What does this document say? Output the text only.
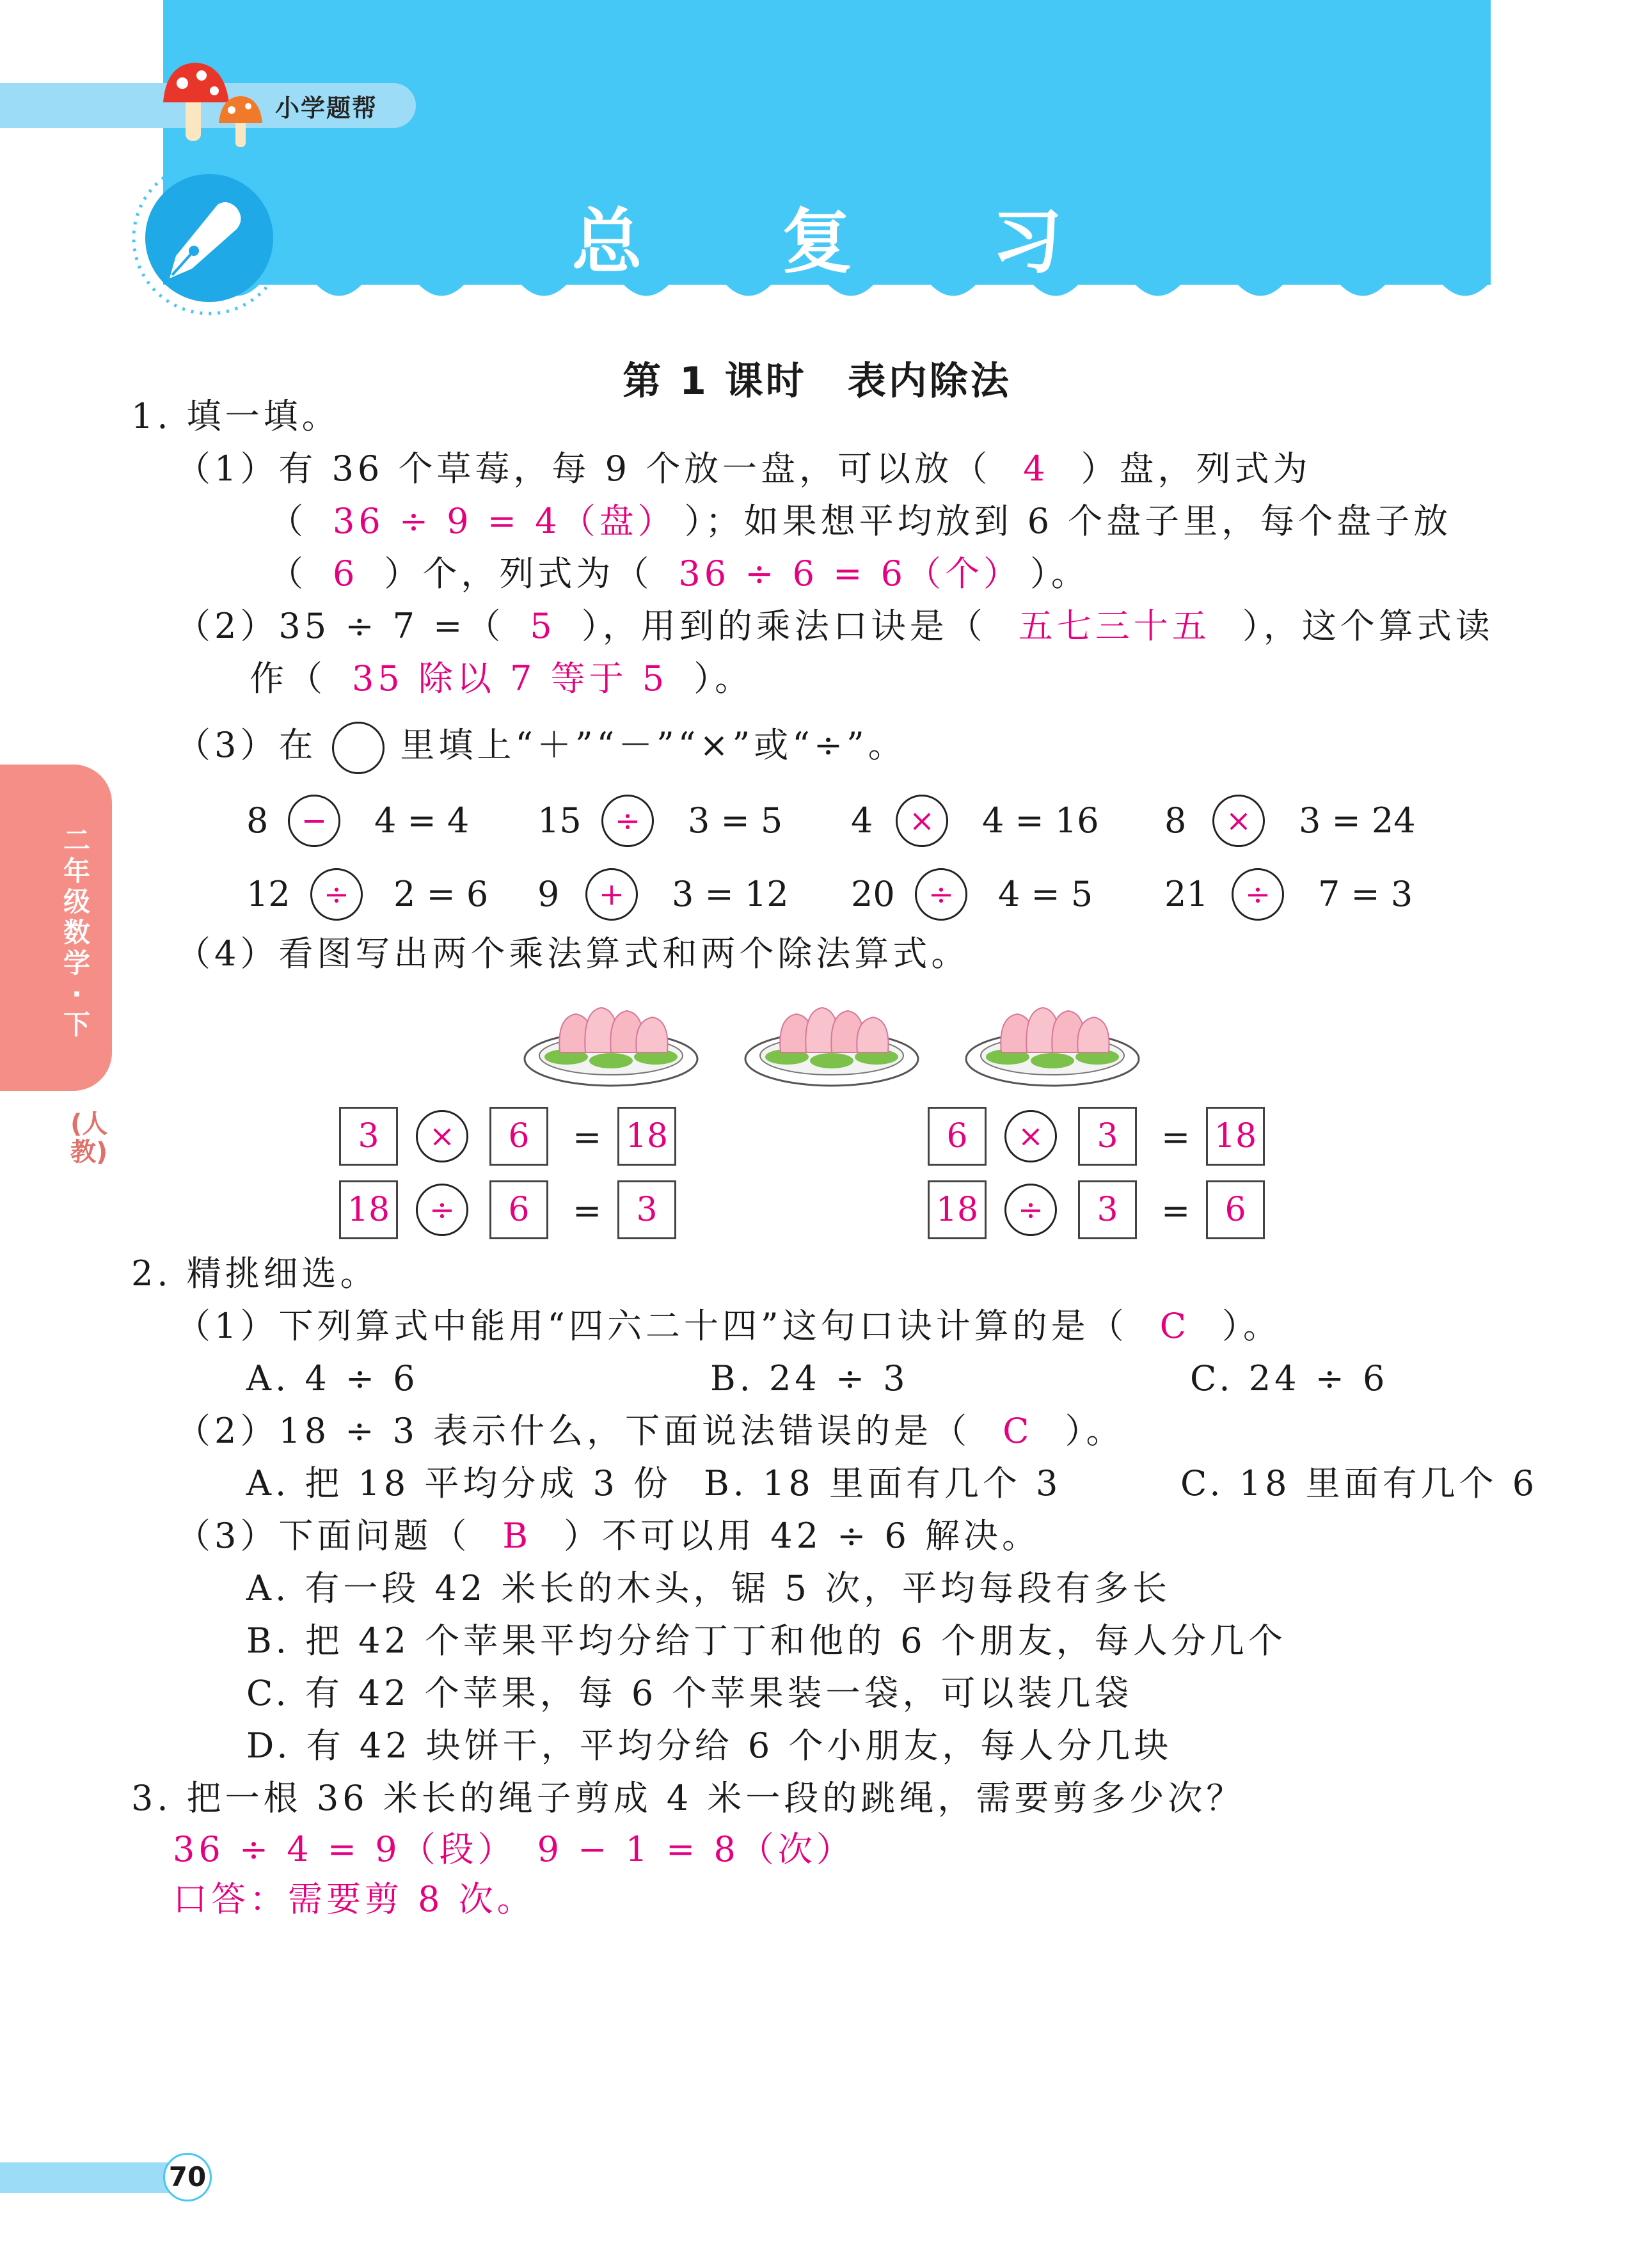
小学题帮
总 复 习
第 1 课时　表内除法
二年级数学·下
(人教)
1. 填一填。
（1）有 36 个草莓，每 9 个放一盘，可以放（ 4 ）盘，列式为
（ 36 ÷ 9 = 4（盘） ）；如果想平均放到 6 个盘子里，每个盘子放
（ 6 ）个，列式为（ 36 ÷ 6 = 6（个） ）。
（2）35 ÷ 7 =（ 5 ），用到的乘法口诀是（ 五七三十五 ），这个算式读
作（ 35 除以 7 等于 5 ）。
（3）在 里填上“＋”“－”“×”或“÷”。
8	−	4 = 4 15	÷	3 = 5 4	×	4 = 16 8	×	3 = 24
12	÷	2 = 6 9	+	3 = 12 20	÷	4 = 5 21	÷	7 = 3
（4）看图写出两个乘法算式和两个除法算式。
3	×	6	= 18
18	÷	6	=	3
6	×	3	= 18
18	÷	3	=	6
2. 精挑细选。
（1）下列算式中能用“四六二十四”这句口诀计算的是（ C ）。
A. 4 ÷ 6	B. 24 ÷ 3	C. 24 ÷ 6
（2）18 ÷ 3 表示什么，下面说法错误的是（ C ）。
A. 把 18 平均分成 3 份 B. 18 里面有几个 3	C. 18 里面有几个 6
（3）下面问题（ B ）不可以用 42 ÷ 6 解决。
A. 有一段 42 米长的木头，锯 5 次，平均每段有多长
B. 把 42 个苹果平均分给丁丁和他的 6 个朋友，每人分几个
C. 有 42 个苹果，每 6 个苹果装一袋，可以装几袋
D. 有 42 块饼干，平均分给 6 个小朋友，每人分几块
3. 把一根 36 米长的绳子剪成 4 米一段的跳绳，需要剪多少次？
36 ÷ 4 = 9（段）　9 − 1 = 8（次）
口答：需要剪 8 次。
70
